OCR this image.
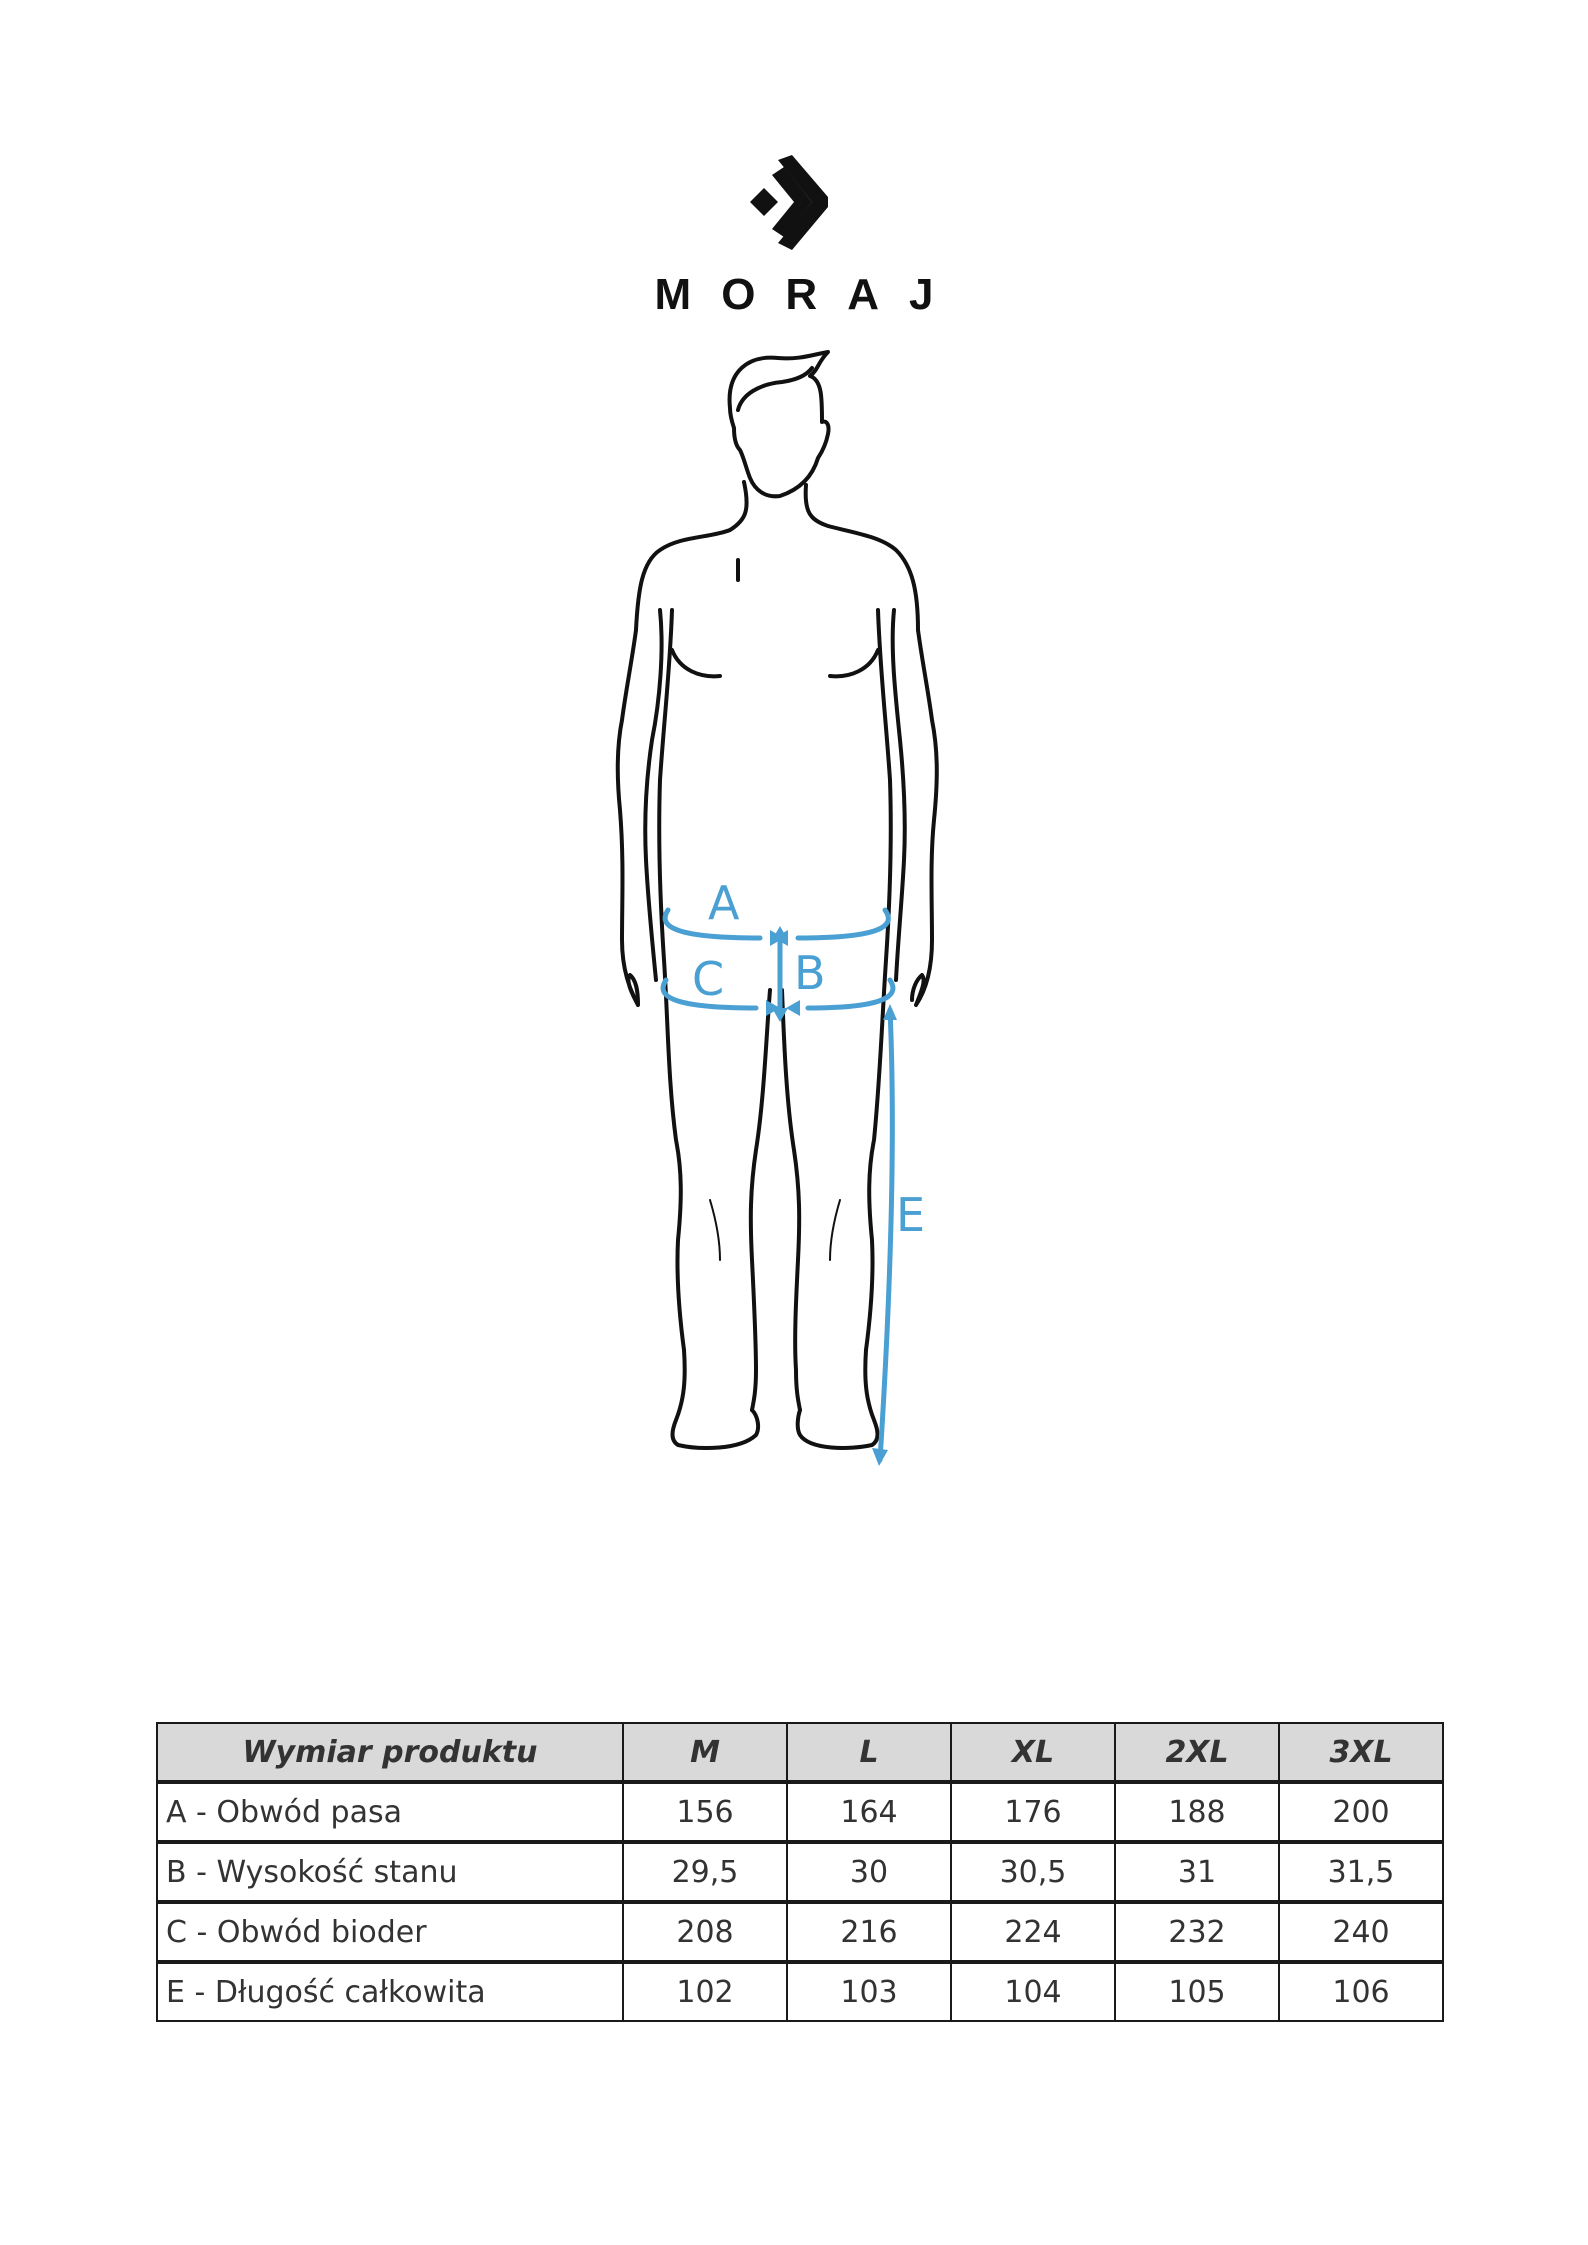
MORAJ
A
B
C
E
Wymiar produktu	M	L	XL	2XL	3XL
A - Obwód pasa	156	164	176	188	200
B - Wysokość stanu	29,5	30	30,5	31	31,5
C - Obwód bioder	208	216	224	232	240
E - Długość całkowita	102	103	104	105	106
